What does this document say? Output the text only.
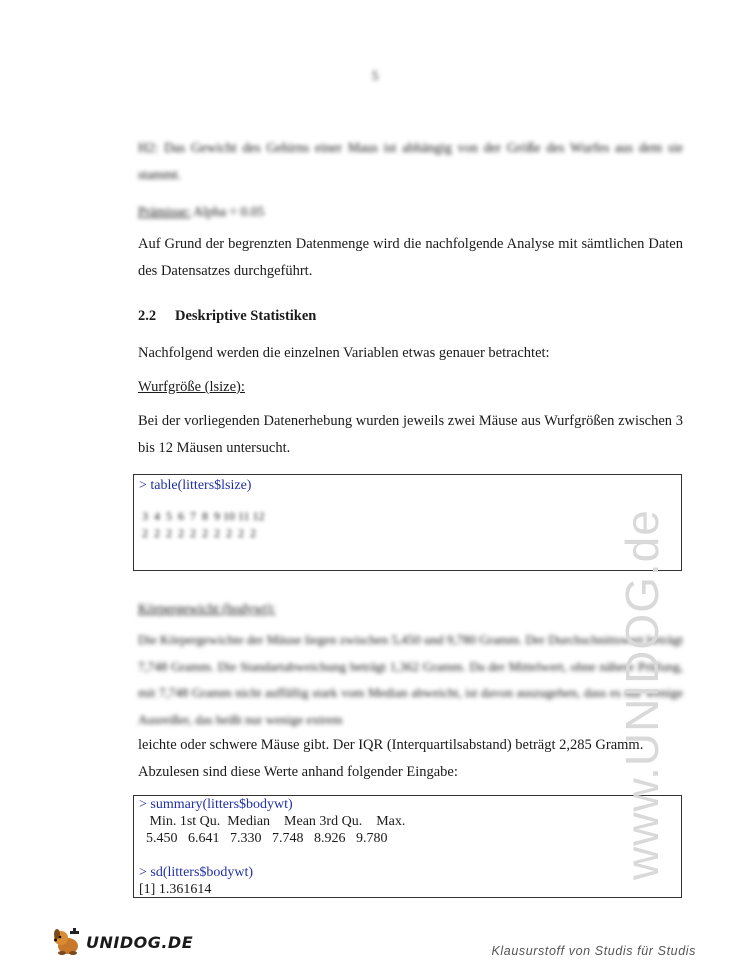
5

H2: Das Gewicht des Gehirns einer Maus ist abhängig von der Größe des Wurfes aus dem sie stammt.

Prämisse: Alpha = 0.05

Auf Grund der begrenzten Datenmenge wird die nachfolgende Analyse mit sämtlichen Daten des Datensatzes durchgeführt.

2.2 Deskriptive Statistiken

Nachfolgend werden die einzelnen Variablen etwas genauer betrachtet:

Wurfgröße (lsize):

Bei der vorliegenden Datenerhebung wurden jeweils zwei Mäuse aus Wurfgrößen zwischen 3 bis 12 Mäusen untersucht.

> table(litters$lsize)
3  4  5  6  7  8  9 10 11 12
2  2  2  2  2  2  2  2  2  2

Körpergewicht (bodywt):

Die Körpergewichte der Mäuse liegen zwischen 5,450 und 9,780 Gramm. Der Durchschnittswert beträgt 7,748 Gramm. Die Standartabweichung beträgt 1,362 Gramm. Da der Mittelwert, ohne nähere Prüfung, mit 7,748 Gramm nicht auffällig stark vom Median abweicht, ist davon auszugehen, dass es nur wenige Ausreißer, das heißt nur wenige extrem

leichte oder schwere Mäuse gibt. Der IQR (Interquartilsabstand) beträgt 2,285 Gramm.

Abzulesen sind diese Werte anhand folgender Eingabe:

> summary(litters$bodywt)
Min. 1st Qu.  Median    Mean 3rd Qu.    Max.
5.450   6.641   7.330   7.748   8.926   9.780
> sd(litters$bodywt)
[1] 1.361614
www.UNIDOG.de
UNIDOG.DE	Klausurstoff von Studis für Studis
